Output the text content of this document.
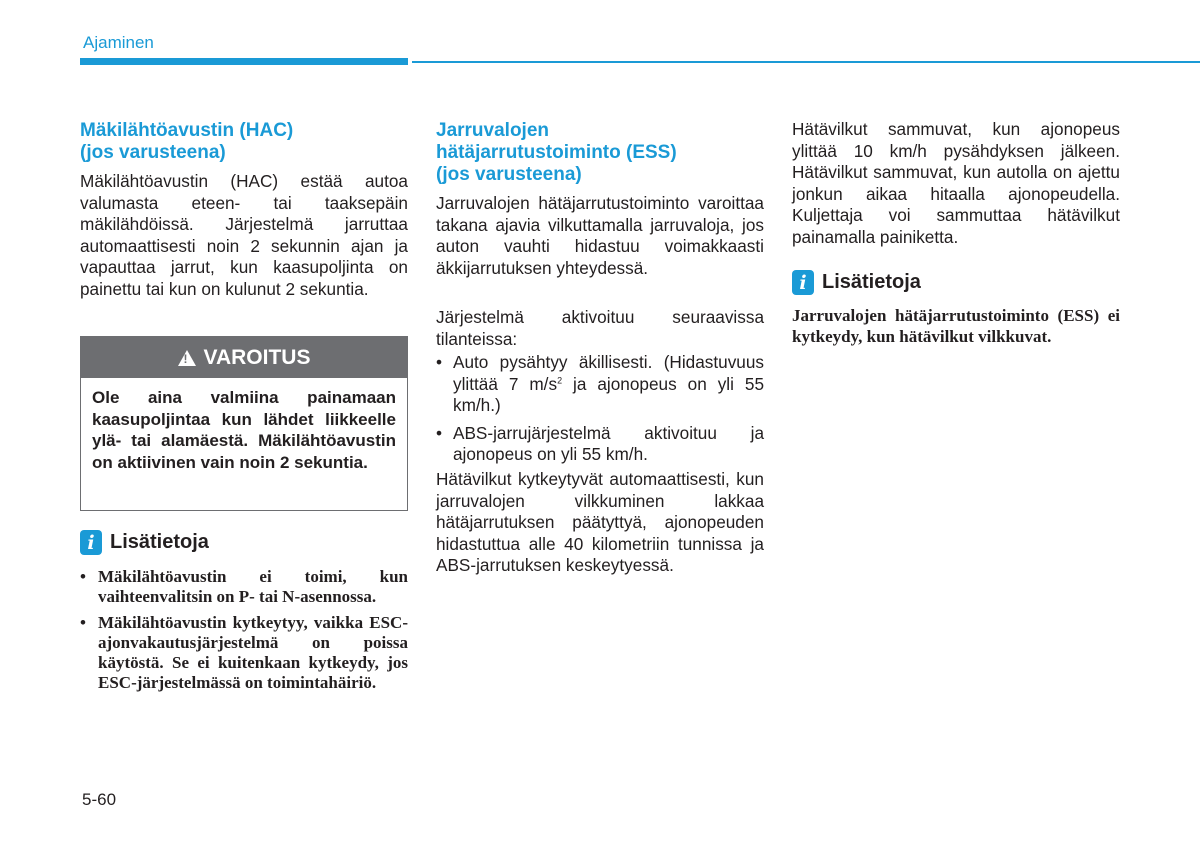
Ajaminen
Mäkilähtöavustin (HAC)
(jos varusteena)

Mäkilähtöavustin (HAC) estää autoa valumasta eteen- tai taaksepäin mäkilähdöissä. Järjestelmä jarruttaa automaattisesti noin 2 sekunnin ajan ja vapauttaa jarrut, kun kaasupoljinta on painettu tai kun on kulunut 2 sekuntia.

! VAROITUS
Ole aina valmiina painamaan kaasupoljintaa kun lähdet liikkeelle ylä- tai alamäestä. Mäkilähtöavustin on aktiivinen vain noin 2 sekuntia.
i Lisätietoja
• Mäkilähtöavustin ei toimi, kun vaihteenvalitsin on P- tai N-asennossa.
• Mäkilähtöavustin kytkeytyy, vaikka ESC-ajonvakautusjärjestelmä on poissa käytöstä. Se ei kuitenkaan kytkeydy, jos ESC-järjestelmässä on toimintahäiriö.
Jarruvalojen
hätäjarrutustoiminto (ESS)
(jos varusteena)

Jarruvalojen hätäjarrutustoiminto varoittaa takana ajavia vilkuttamalla jarruvaloja, jos auton vauhti hidastuu voimakkaasti äkkijarrutuksen yhteydessä.

Järjestelmä aktivoituu seuraavissa tilanteissa:

• Auto pysähtyy äkillisesti. (Hidastuvuus ylittää 7 $m/s^2$ ja ajonopeus on yli 55 km/h.)
• ABS-jarrujärjestelmä aktivoituu ja ajonopeus on yli 55 km/h.

Hätävilkut kytkeytyvät automaattisesti, kun jarruvalojen vilkkuminen lakkaa hätäjarrutuksen päätyttyä, ajonopeuden hidastuttua alle 40 kilometriin tunnissa ja ABS-jarrutuksen keskeytyessä.

Hätävilkut sammuvat, kun ajonopeus ylittää 10 km/h pysähdyksen jälkeen. Hätävilkut sammuvat, kun autolla on ajettu jonkun aikaa hitaalla ajonopeudella. Kuljettaja voi sammuttaa hätävilkut painamalla painiketta.

i Lisätietoja

Jarruvalojen hätäjarrutustoiminto (ESS) ei kytkeydy, kun hätävilkut vilkkuvat.

5-60
